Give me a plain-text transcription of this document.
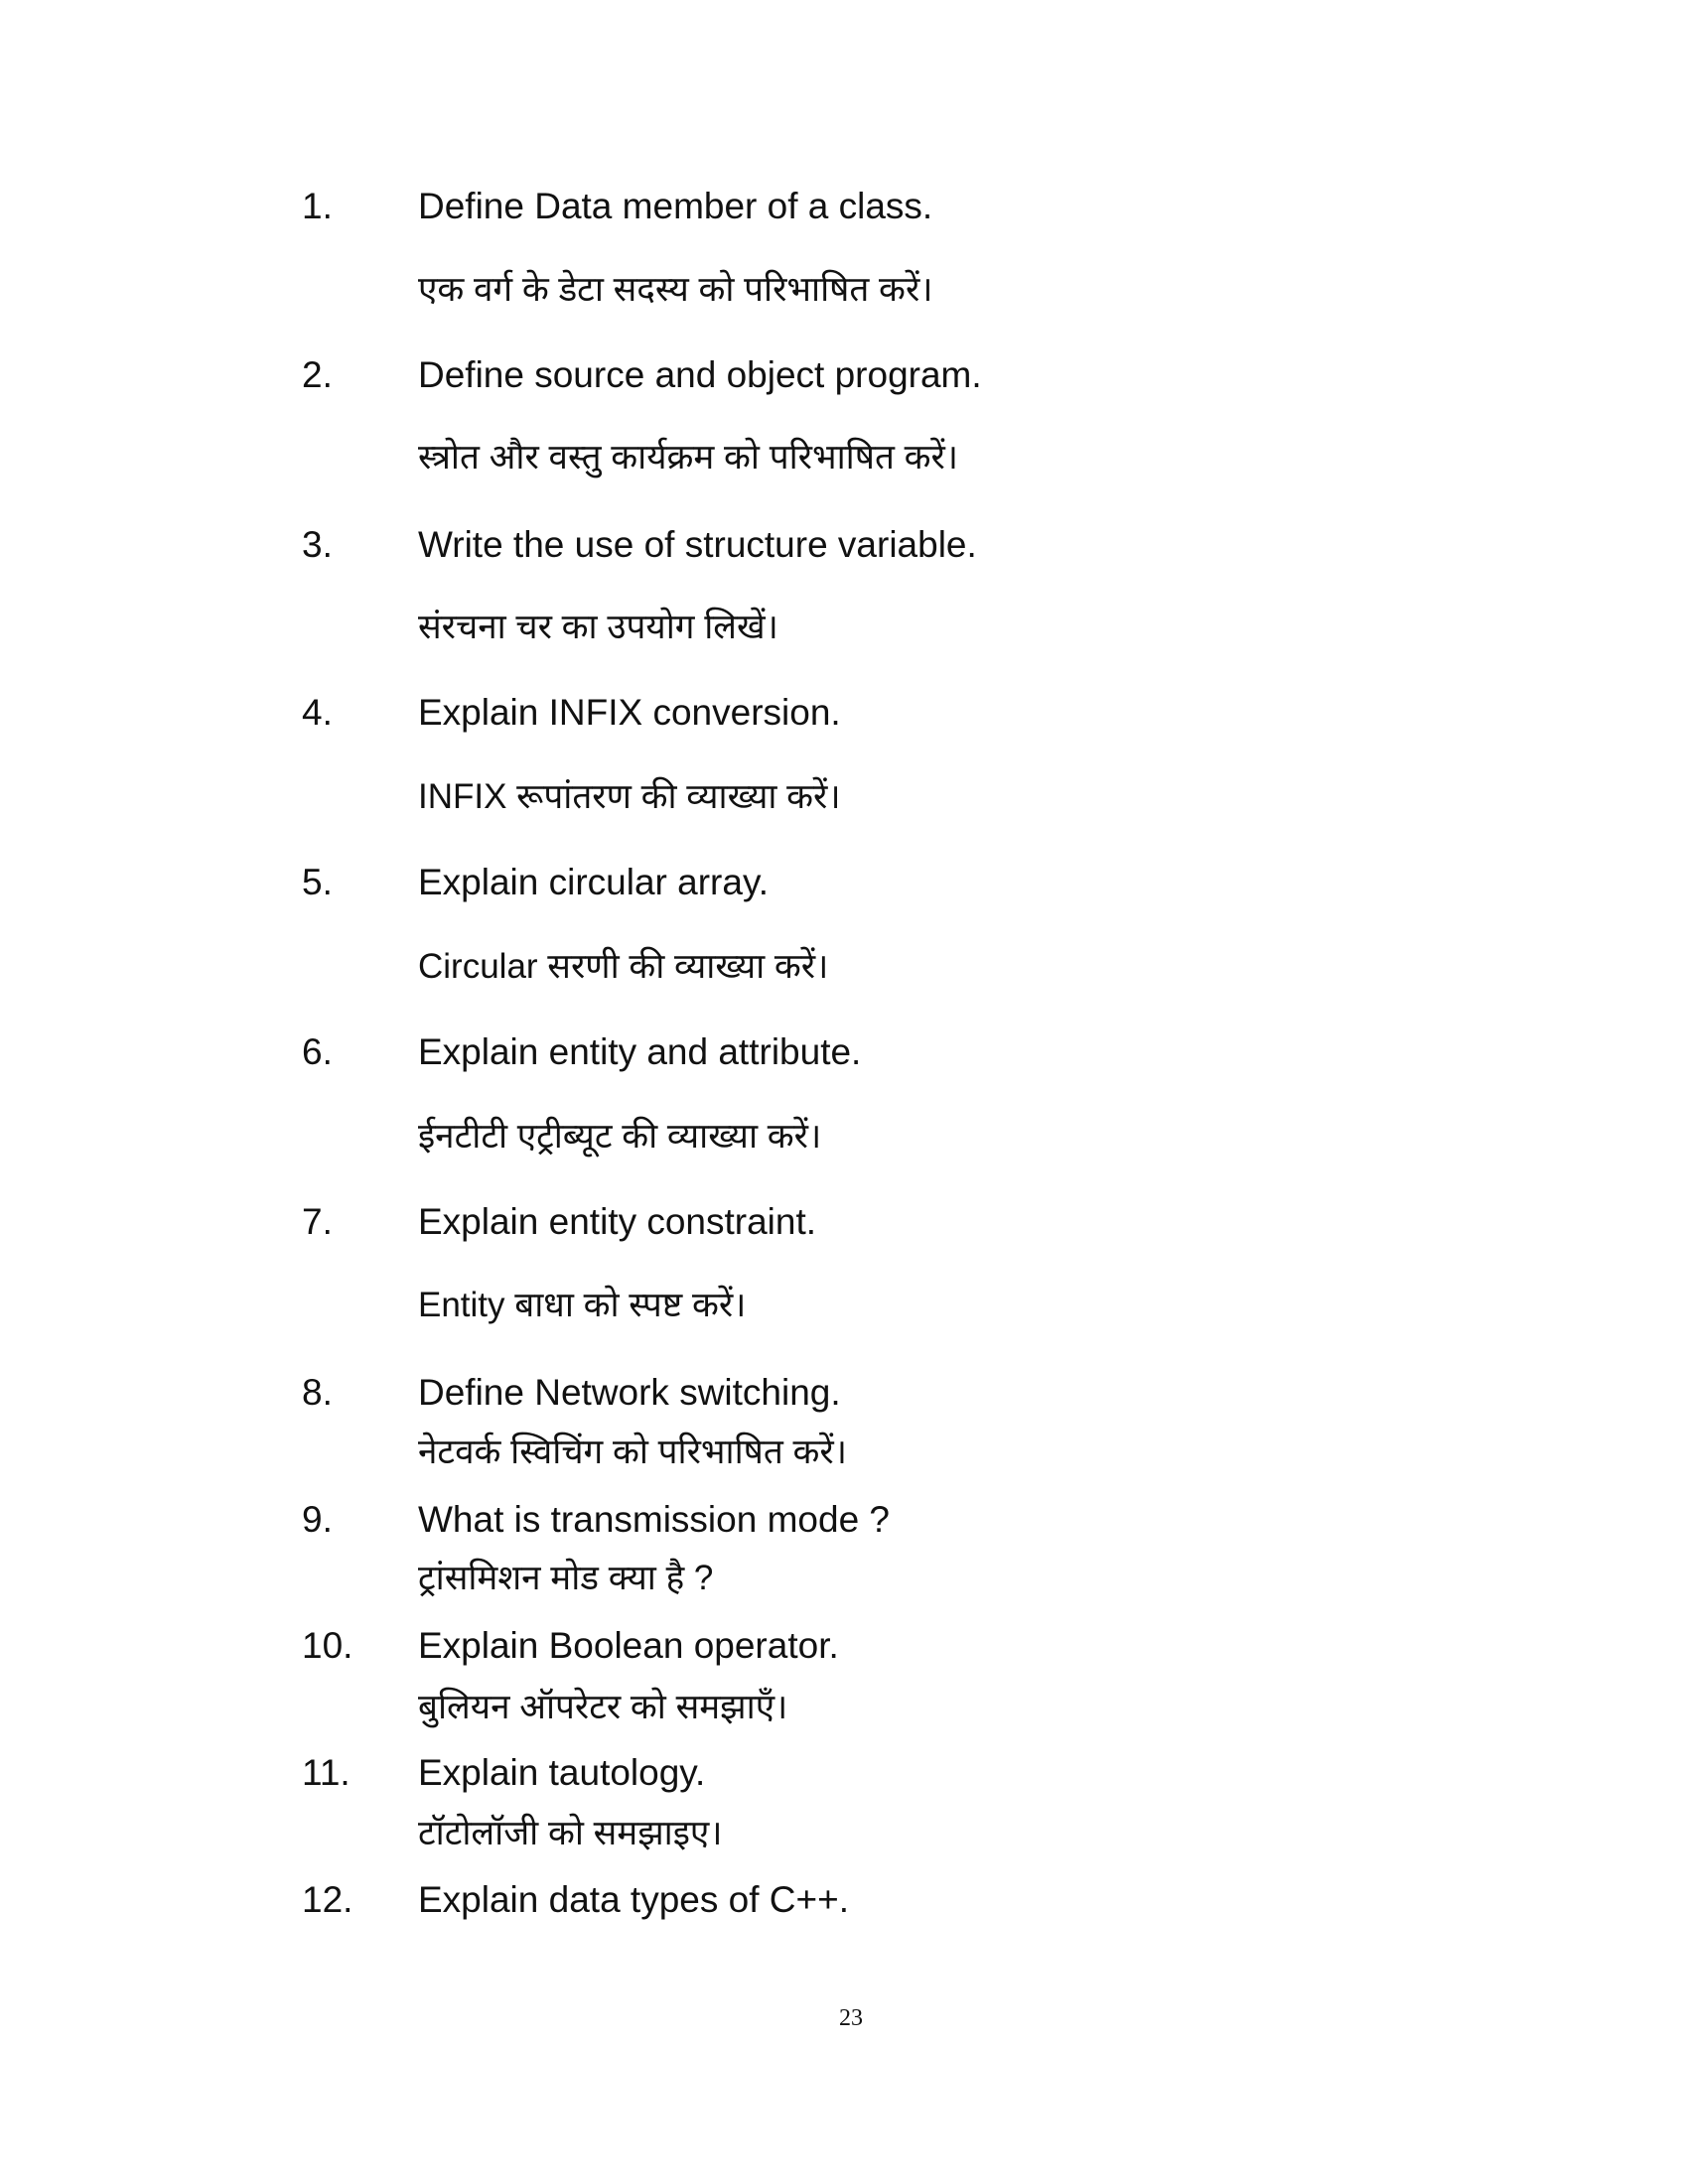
1. Define Data member of a class.
एक वर्ग के डेटा सदस्य को परिभाषित करें।
2. Define source and object program.
स्त्रोत और वस्तु कार्यक्रम को परिभाषित करें।
3. Write the use of structure variable.
संरचना चर का उपयोग लिखें।
4. Explain INFIX conversion.
INFIX रूपांतरण की व्याख्या करें।
5. Explain circular array.
Circular सरणी की व्याख्या करें।
6. Explain entity and attribute.
ईनटीटी एट्रीब्यूट की व्याख्या करें।
7. Explain entity constraint.
Entity बाधा को स्पष्ट करें।
8. Define Network switching.
नेटवर्क स्विचिंग को परिभाषित करें।
9. What is transmission mode ?
ट्रांसमिशन मोड क्या है ?
10. Explain Boolean operator.
बुलियन ऑपरेटर को समझाएँ।
11. Explain tautology.
टॉटोलॉजी को समझाइए।
12. Explain data types of C++.
23
